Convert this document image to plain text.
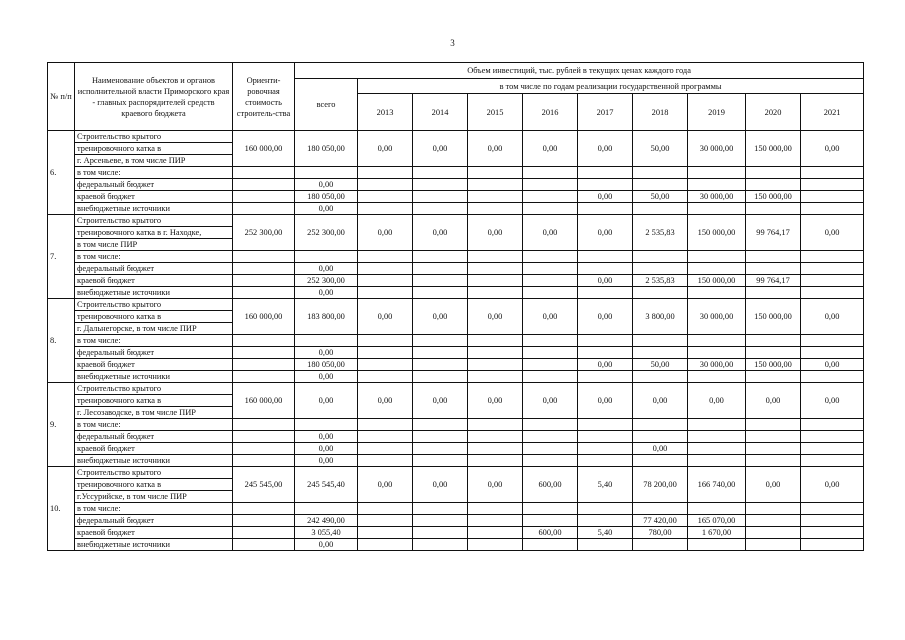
3
№ п/п	Наименование объектов и органов исполнительной власти Приморского края - главных распорядителей средств краевого бюджета	Ориенти-ровочная стоимость строитель-ства	Объем инвестиций, тыс. рублей в текущих ценах каждого года									
			всего	в том числе по годам реализации государственной программы								
				2013	2014	2015	2016	2017	2018	2019	2020	2021
6.	Строительство крытого	160 000,00	180 050,00	0,00	0,00	0,00	0,00	0,00	50,00	30 000,00	150 000,00	0,00
	тренировочного катка в											
	г. Арсеньеве, в том числе ПИР											
	в том числе:											
	федеральный бюджет		0,00									
	краевой бюджет		180 050,00					0,00	50,00	30 000,00	150 000,00	
	внебюджетные источники		0,00									
7.	Строительство крытого	252 300,00	252 300,00	0,00	0,00	0,00	0,00	0,00	2 535,83	150 000,00	99 764,17	0,00
	тренировочного катка в г. Находке,											
	в том числе ПИР											
	в том числе:											
	федеральный бюджет		0,00									
	краевой бюджет		252 300,00					0,00	2 535,83	150 000,00	99 764,17	
	внебюджетные источники		0,00									
8.	Строительство крытого	160 000,00	183 800,00	0,00	0,00	0,00	0,00	0,00	3 800,00	30 000,00	150 000,00	0,00
	тренировочного катка в											
	г. Дальнегорске, в том числе ПИР											
	в том числе:											
	федеральный бюджет		0,00									
	краевой бюджет		180 050,00					0,00	50,00	30 000,00	150 000,00	0,00
	внебюджетные источники		0,00									
9.	Строительство крытого	160 000,00	0,00	0,00	0,00	0,00	0,00	0,00	0,00	0,00	0,00	0,00
	тренировочного катка в											
	г. Лесозаводске, в том числе ПИР											
	в том числе:											
	федеральный бюджет		0,00									
	краевой бюджет		0,00						0,00			
	внебюджетные источники		0,00									
10.	Строительство крытого	245 545,00	245 545,40	0,00	0,00	0,00	600,00	5,40	78 200,00	166 740,00	0,00	0,00
	тренировочного катка в											
	г.Уссурийске, в том числе ПИР											
	в том числе:											
	федеральный бюджет		242 490,00						77 420,00	165 070,00		
	краевой бюджет		3 055,40				600,00	5,40	780,00	1 670,00		
	внебюджетные источники		0,00									
